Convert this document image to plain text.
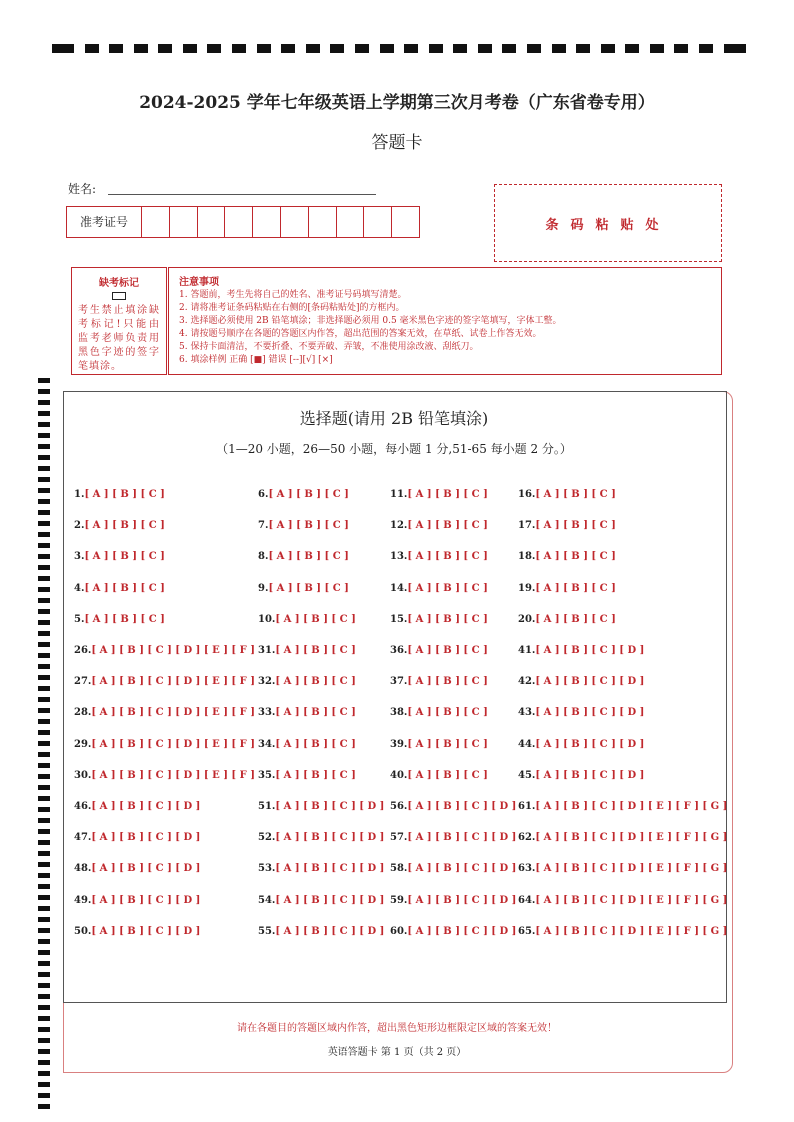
2024-2025 学年七年级英语上学期第三次月考卷（广东省卷专用）
答题卡
姓名:
准考证号	条码粘贴处
缺考标记
考生禁止填涂缺考标记!只能由监考老师负责用黑色字迹的签字笔填涂。
注意事项
1. 答题前，考生先将自己的姓名、准考证号码填写清楚。
2. 请将准考证条码粘贴在右侧的[条码粘贴处]的方框内。
3. 选择题必须使用 2B 铅笔填涂；非选择题必须用 0.5 毫米黑色字迹的签字笔填写，字体工整。
4. 请按题号顺序在各题的答题区内作答，超出范围的答案无效，在草纸、试卷上作答无效。
5. 保持卡面清洁，不要折叠、不要弄破、弄皱，不准使用涂改液、刮纸刀。
6. 填涂样例 正确 [■] 错误 [--][√] [×]
选择题(请用 2B 铅笔填涂)
（1—20 小题，26—50 小题，每小题 1 分,51-65 每小题 2 分。）
1.[ A ] [ B ] [ C ]
2.[ A ] [ B ] [ C ]
3.[ A ] [ B ] [ C ]
4.[ A ] [ B ] [ C ]
5.[ A ] [ B ] [ C ]
6.[ A ] [ B ] [ C ]
7.[ A ] [ B ] [ C ]
8.[ A ] [ B ] [ C ]
9.[ A ] [ B ] [ C ]
10.[ A ] [ B ] [ C ]
11.[ A ] [ B ] [ C ]
12.[ A ] [ B ] [ C ]
13.[ A ] [ B ] [ C ]
14.[ A ] [ B ] [ C ]
15.[ A ] [ B ] [ C ]
16.[ A ] [ B ] [ C ]
17.[ A ] [ B ] [ C ]
18.[ A ] [ B ] [ C ]
19.[ A ] [ B ] [ C ]
20.[ A ] [ B ] [ C ]
26.[ A ] [ B ] [ C ] [ D ] [ E ] [ F ]
27.[ A ] [ B ] [ C ] [ D ] [ E ] [ F ]
28.[ A ] [ B ] [ C ] [ D ] [ E ] [ F ]
29.[ A ] [ B ] [ C ] [ D ] [ E ] [ F ]
30.[ A ] [ B ] [ C ] [ D ] [ E ] [ F ]
31.[ A ] [ B ] [ C ]
32.[ A ] [ B ] [ C ]
33.[ A ] [ B ] [ C ]
34.[ A ] [ B ] [ C ]
35.[ A ] [ B ] [ C ]
36.[ A ] [ B ] [ C ]
37.[ A ] [ B ] [ C ]
38.[ A ] [ B ] [ C ]
39.[ A ] [ B ] [ C ]
40.[ A ] [ B ] [ C ]
41.[ A ] [ B ] [ C ] [ D ]
42.[ A ] [ B ] [ C ] [ D ]
43.[ A ] [ B ] [ C ] [ D ]
44.[ A ] [ B ] [ C ] [ D ]
45.[ A ] [ B ] [ C ] [ D ]
46.[ A ] [ B ] [ C ] [ D ]
47.[ A ] [ B ] [ C ] [ D ]
48.[ A ] [ B ] [ C ] [ D ]
49.[ A ] [ B ] [ C ] [ D ]
50.[ A ] [ B ] [ C ] [ D ]
51.[ A ] [ B ] [ C ] [ D ]
52.[ A ] [ B ] [ C ] [ D ]
53.[ A ] [ B ] [ C ] [ D ]
54.[ A ] [ B ] [ C ] [ D ]
55.[ A ] [ B ] [ C ] [ D ]
56.[ A ] [ B ] [ C ] [ D ]
57.[ A ] [ B ] [ C ] [ D ]
58.[ A ] [ B ] [ C ] [ D ]
59.[ A ] [ B ] [ C ] [ D ]
60.[ A ] [ B ] [ C ] [ D ]
61.[ A ] [ B ] [ C ] [ D ] [ E ] [ F ] [ G ]
62.[ A ] [ B ] [ C ] [ D ] [ E ] [ F ] [ G ]
63.[ A ] [ B ] [ C ] [ D ] [ E ] [ F ] [ G ]
64.[ A ] [ B ] [ C ] [ D ] [ E ] [ F ] [ G ]
65.[ A ] [ B ] [ C ] [ D ] [ E ] [ F ] [ G ]
请在各题目的答题区域内作答，超出黑色矩形边框限定区域的答案无效！
英语答题卡 第 1 页（共 2 页）
